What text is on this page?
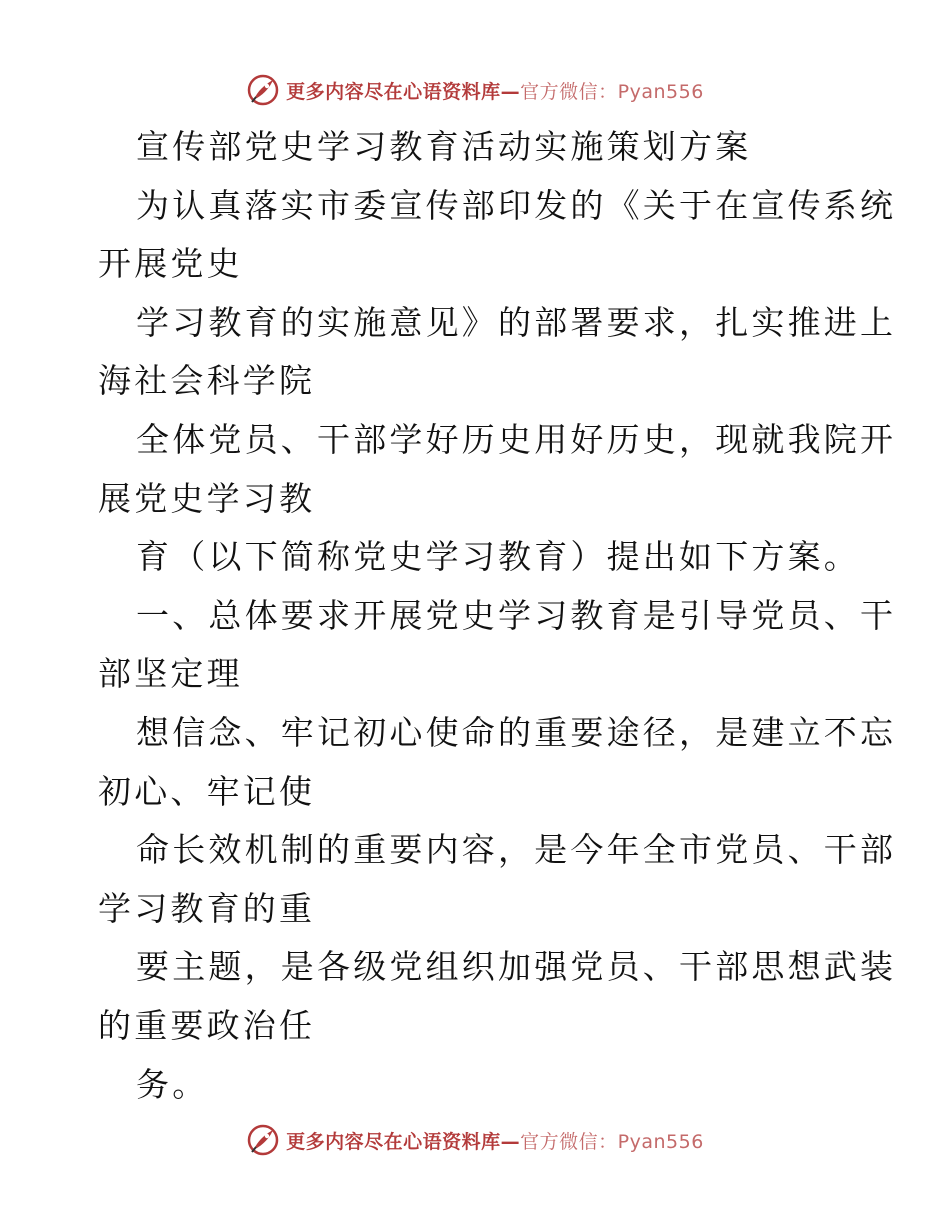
更多内容尽在心语资料库—官方微信：Pyan556
宣传部党史学习教育活动实施策划方案
为认真落实市委宣传部印发的《关于在宣传系统
开展党史
学习教育的实施意见》的部署要求，扎实推进上
海社会科学院
全体党员、干部学好历史用好历史，现就我院开
展党史学习教
育（以下简称党史学习教育）提出如下方案。
一、总体要求开展党史学习教育是引导党员、干
部坚定理
想信念、牢记初心使命的重要途径，是建立不忘
初心、牢记使
命长效机制的重要内容，是今年全市党员、干部
学习教育的重
要主题，是各级党组织加强党员、干部思想武装
的重要政治任
务。
更多内容尽在心语资料库—官方微信：Pyan556
